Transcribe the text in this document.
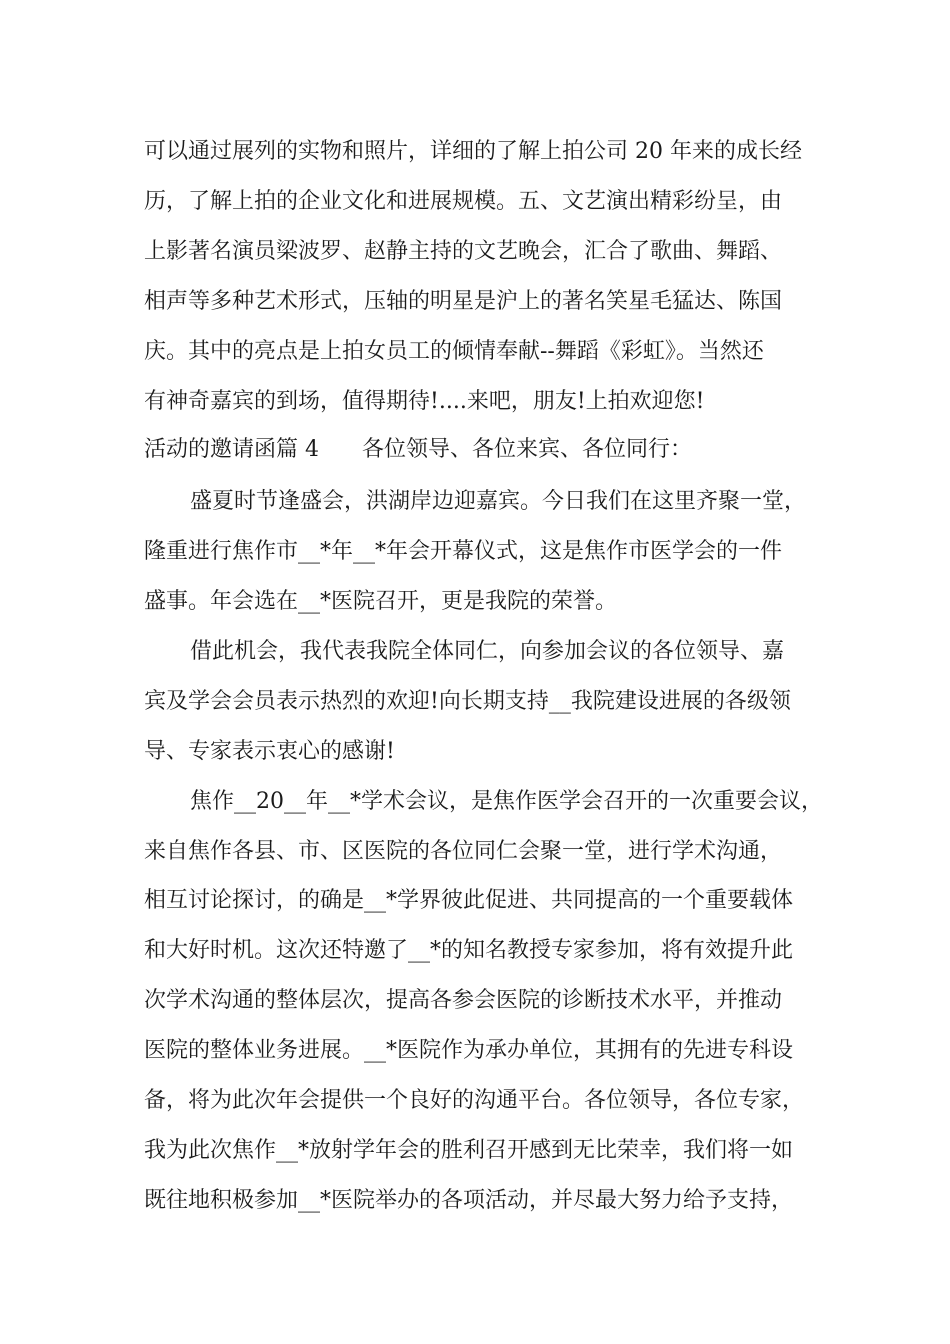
可以通过展列的实物和照片，详细的了解上拍公司 20 年来的成长经
历，了解上拍的企业文化和进展规模。五、文艺演出精彩纷呈，由
上影著名演员梁波罗、赵静主持的文艺晚会，汇合了歌曲、舞蹈、
相声等多种艺术形式，压轴的明星是沪上的著名笑星毛猛达、陈国
庆。其中的亮点是上拍女员工的倾情奉献--舞蹈《彩虹》。当然还
有神奇嘉宾的到场，值得期待!....来吧，朋友!上拍欢迎您!
活动的邀请函篇 4 各位领导、各位来宾、各位同行：
盛夏时节逢盛会，洪湖岸边迎嘉宾。今日我们在这里齐聚一堂，
隆重进行焦作市__*年__*年会开幕仪式，这是焦作市医学会的一件
盛事。年会选在__*医院召开，更是我院的荣誉。
借此机会，我代表我院全体同仁，向参加会议的各位领导、嘉
宾及学会会员表示热烈的欢迎!向长期支持__我院建设进展的各级领
导、专家表示衷心的感谢!
焦作__20__年__*学术会议，是焦作医学会召开的一次重要会议，
来自焦作各县、市、区医院的各位同仁会聚一堂，进行学术沟通，
相互讨论探讨，的确是__*学界彼此促进、共同提高的一个重要载体
和大好时机。这次还特邀了__*的知名教授专家参加，将有效提升此
次学术沟通的整体层次，提高各参会医院的诊断技术水平，并推动
医院的整体业务进展。__*医院作为承办单位，其拥有的先进专科设
备，将为此次年会提供一个良好的沟通平台。各位领导，各位专家，
我为此次焦作__*放射学年会的胜利召开感到无比荣幸，我们将一如
既往地积极参加__*医院举办的各项活动，并尽最大努力给予支持，
